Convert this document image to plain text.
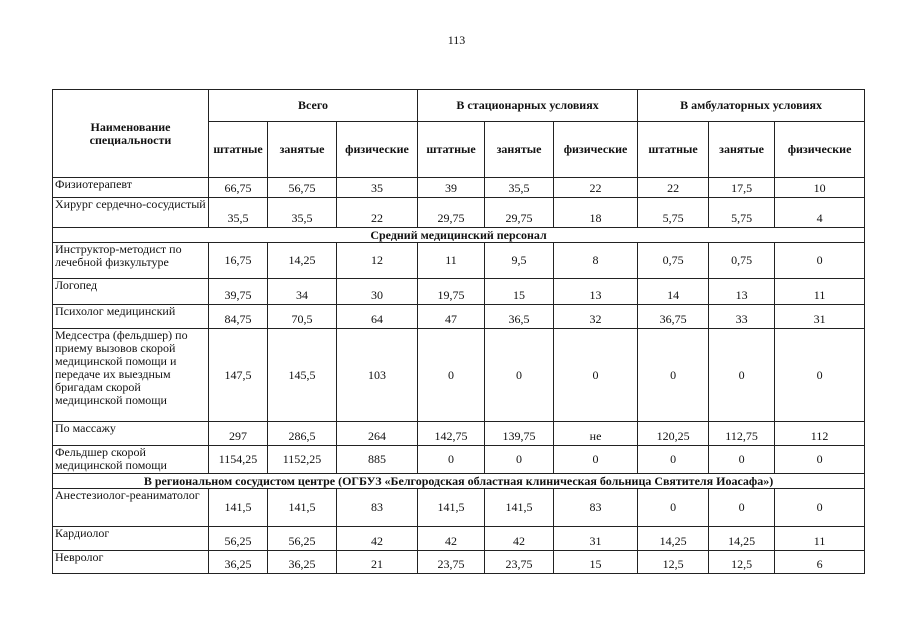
113
Наименование специальности	Всего			В стационарных условиях			В амбулаторных условиях		
	штатные	занятые	физические	штатные	занятые	физические	штатные	занятые	физические
Физиотерапевт	66,75	56,75	35	39	35,5	22	22	17,5	10
Хирург сердечно-сосудистый	35,5	35,5	22	29,75	29,75	18	5,75	5,75	4
Средний медицинский персонал									
Инструктор-методист по лечебной физкультуре	16,75	14,25	12	11	9,5	8	0,75	0,75	0
Логопед	39,75	34	30	19,75	15	13	14	13	11
Психолог медицинский	84,75	70,5	64	47	36,5	32	36,75	33	31
Медсестра (фельдшер) по приему вызовов скорой медицинской помощи и передаче их выездным бригадам скорой медицинской помощи	147,5	145,5	103	0	0	0	0	0	0
По массажу	297	286,5	264	142,75	139,75	не	120,25	112,75	112
Фельдшер скорой медицинской помощи	1154,25	1152,25	885	0	0	0	0	0	0
В региональном сосудистом центре (ОГБУЗ «Белгородская областная клиническая больница Святителя Иоасафа»)									
Анестезиолог-реаниматолог	141,5	141,5	83	141,5	141,5	83	0	0	0
Кардиолог	56,25	56,25	42	42	42	31	14,25	14,25	11
Невролог	36,25	36,25	21	23,75	23,75	15	12,5	12,5	6
